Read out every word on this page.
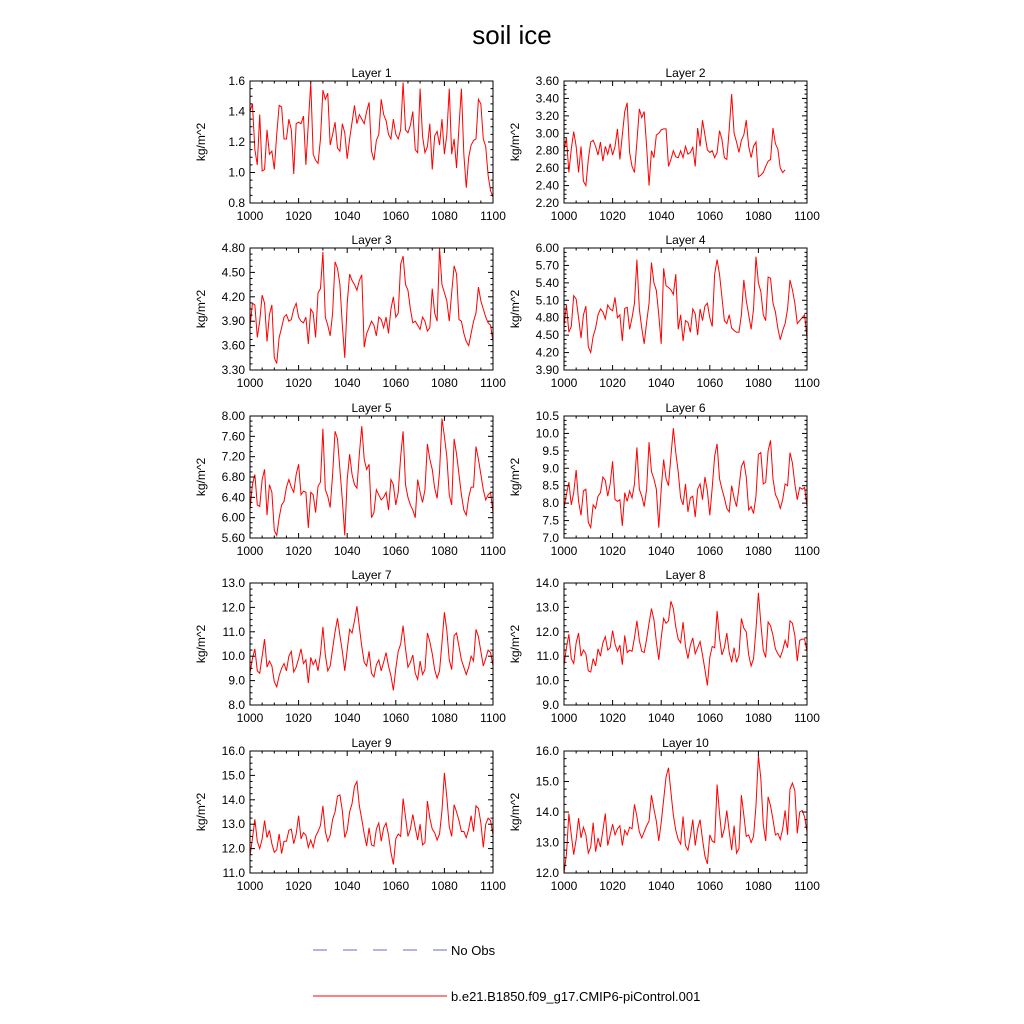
soil ice
1000 1020 1040 1060 1080 1100
0.8
1.0
1.2
1.4
1.6
Layer 1
kg/m^2
1000 1020 1040 1060 1080 1100
2.20
2.40
2.60
2.80
3.00
3.20
3.40
3.60
Layer 2
kg/m^2
1000 1020 1040 1060 1080 1100
3.30
3.60
3.90
4.20
4.50
4.80
Layer 3
kg/m^2
1000 1020 1040 1060 1080 1100
3.90
4.20
4.50
4.80
5.10
5.40
5.70
6.00
Layer 4
kg/m^2
1000 1020 1040 1060 1080 1100
5.60
6.00
6.40
6.80
7.20
7.60
8.00
Layer 5
kg/m^2
1000 1020 1040 1060 1080 1100
7.0
7.5
8.0
8.5
9.0
9.5
10.0
10.5
Layer 6
kg/m^2
1000 1020 1040 1060 1080 1100
8.0
9.0
10.0
11.0
12.0
13.0
Layer 7
kg/m^2
1000 1020 1040 1060 1080 1100
9.0
10.0
11.0
12.0
13.0
14.0
Layer 8
kg/m^2
1000 1020 1040 1060 1080 1100
11.0
12.0
13.0
14.0
15.0
16.0
Layer 9
kg/m^2
1000 1020 1040 1060 1080 1100
12.0
13.0
14.0
15.0
16.0
Layer 10
kg/m^2
No Obs
b.e21.B1850.f09_g17.CMIP6-piControl.001
